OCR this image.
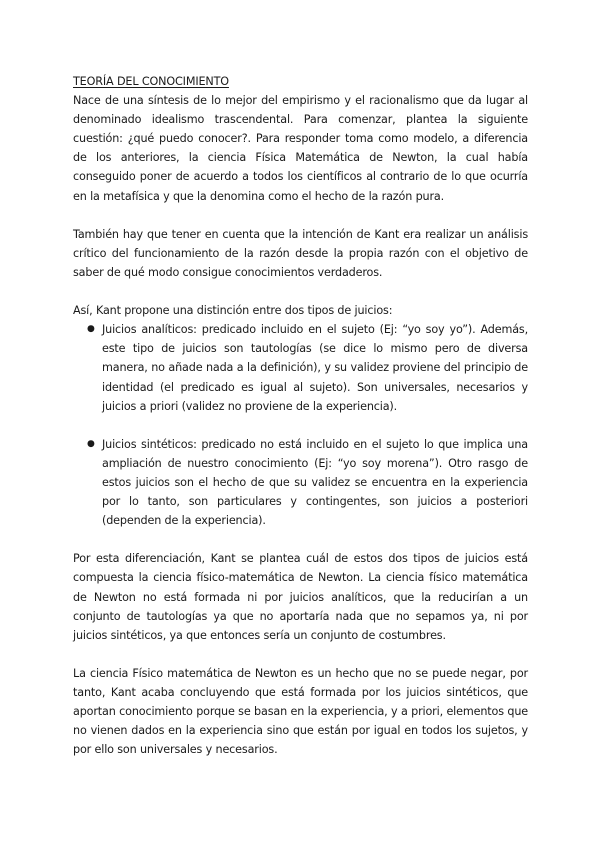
TEORÍA DEL CONOCIMIENTO

Nace de una síntesis de lo mejor del empirismo y el racionalismo que da lugar al denominado idealismo trascendental. Para comenzar, plantea la siguiente cuestión: ¿qué puedo conocer?. Para responder toma como modelo, a diferencia de los anteriores, la ciencia Física Matemática de Newton, la cual había conseguido poner de acuerdo a todos los científicos al contrario de lo que ocurría en la metafísica y que la denomina como el hecho de la razón pura.

También hay que tener en cuenta que la intención de Kant era realizar un análisis crítico del funcionamiento de la razón desde la propia razón con el objetivo de saber de qué modo consigue conocimientos verdaderos.

Así, Kant propone una distinción entre dos tipos de juicios:

● Juicios analíticos: predicado incluido en el sujeto (Ej: “yo soy yo”). Además, este tipo de juicios son tautologías (se dice lo mismo pero de diversa manera, no añade nada a la definición), y su validez proviene del principio de identidad (el predicado es igual al sujeto). Son universales, necesarios y juicios a priori (validez no proviene de la experiencia).
● Juicios sintéticos: predicado no está incluido en el sujeto lo que implica una ampliación de nuestro conocimiento (Ej: “yo soy morena”). Otro rasgo de estos juicios son el hecho de que su validez se encuentra en la experiencia por lo tanto, son particulares y contingentes, son juicios a posteriori (dependen de la experiencia).

Por esta diferenciación, Kant se plantea cuál de estos dos tipos de juicios está compuesta la ciencia físico-matemática de Newton. La ciencia físico matemática de Newton no está formada ni por juicios analíticos, que la reducirían a un conjunto de tautologías ya que no aportaría nada que no sepamos ya, ni por juicios sintéticos, ya que entonces sería un conjunto de costumbres.

La ciencia Físico matemática de Newton es un hecho que no se puede negar, por tanto, Kant acaba concluyendo que está formada por los juicios sintéticos, que aportan conocimiento porque se basan en la experiencia, y a priori, elementos que no vienen dados en la experiencia sino que están por igual en todos los sujetos, y por ello son universales y necesarios.
